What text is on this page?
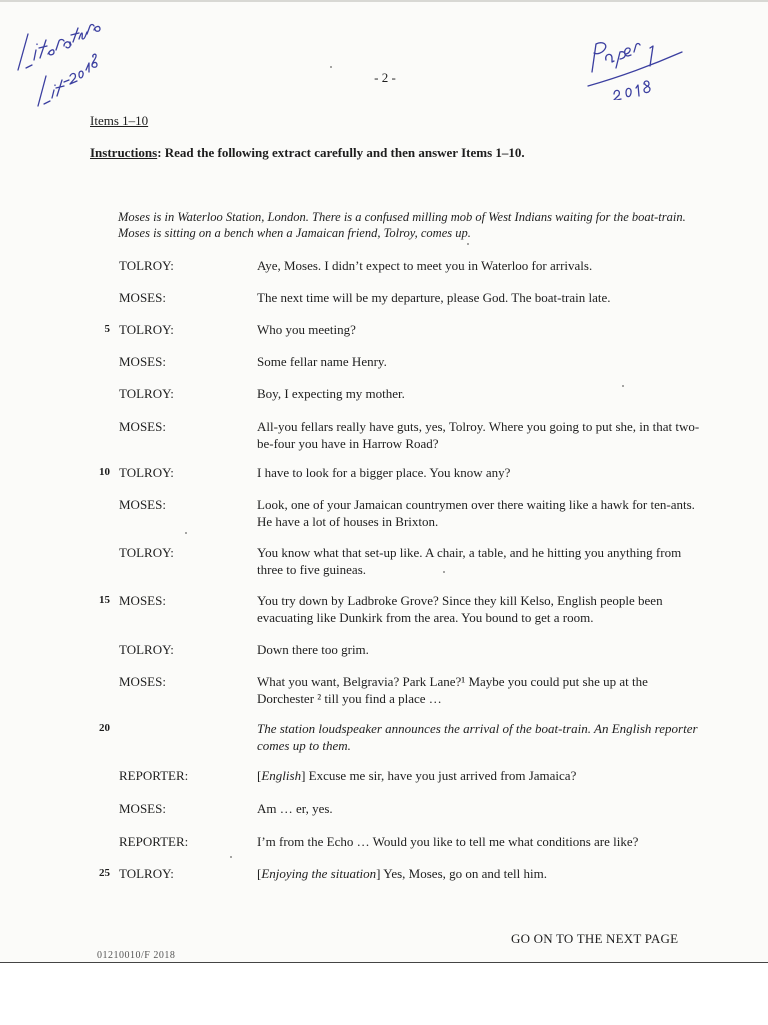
- 2 -
Items 1–10
Instructions: Read the following extract carefully and then answer Items 1–10.
Moses is in Waterloo Station, London. There is a confused milling mob of West Indians waiting for the boat-train. Moses is sitting on a bench when a Jamaican friend, Tolroy, comes up.
TOLROY:	Aye, Moses. I didn’t expect to meet you in Waterloo for arrivals.
MOSES:	The next time will be my departure, please God. The boat-train late.
5 TOLROY:	Who you meeting?
MOSES:	Some fellar name Henry.
TOLROY:	Boy, I expecting my mother.
MOSES:	All-you fellars really have guts, yes, Tolroy. Where you going to put she, in that two-be-four you have in Harrow Road?
10 TOLROY:	I have to look for a bigger place. You know any?
MOSES:	Look, one of your Jamaican countrymen over there waiting like a hawk for ten-ants. He have a lot of houses in Brixton.
TOLROY:	You know what that set-up like. A chair, a table, and he hitting you anything from three to five guineas.
15 MOSES:	You try down by Ladbroke Grove? Since they kill Kelso, English people been evacuating like Dunkirk from the area. You bound to get a room.
TOLROY:	Down there too grim.
MOSES:	What you want, Belgravia? Park Lane?¹ Maybe you could put she up at the Dorchester ² till you find a place …
20	The station loudspeaker announces the arrival of the boat-train. An English reporter comes up to them.
REPORTER:	[English] Excuse me sir, have you just arrived from Jamaica?
MOSES:	Am … er, yes.
REPORTER:	I’m from the Echo … Would you like to tell me what conditions are like?
25 TOLROY:	[Enjoying the situation] Yes, Moses, go on and tell him.
GO ON TO THE NEXT PAGE
01210010/F 2018
